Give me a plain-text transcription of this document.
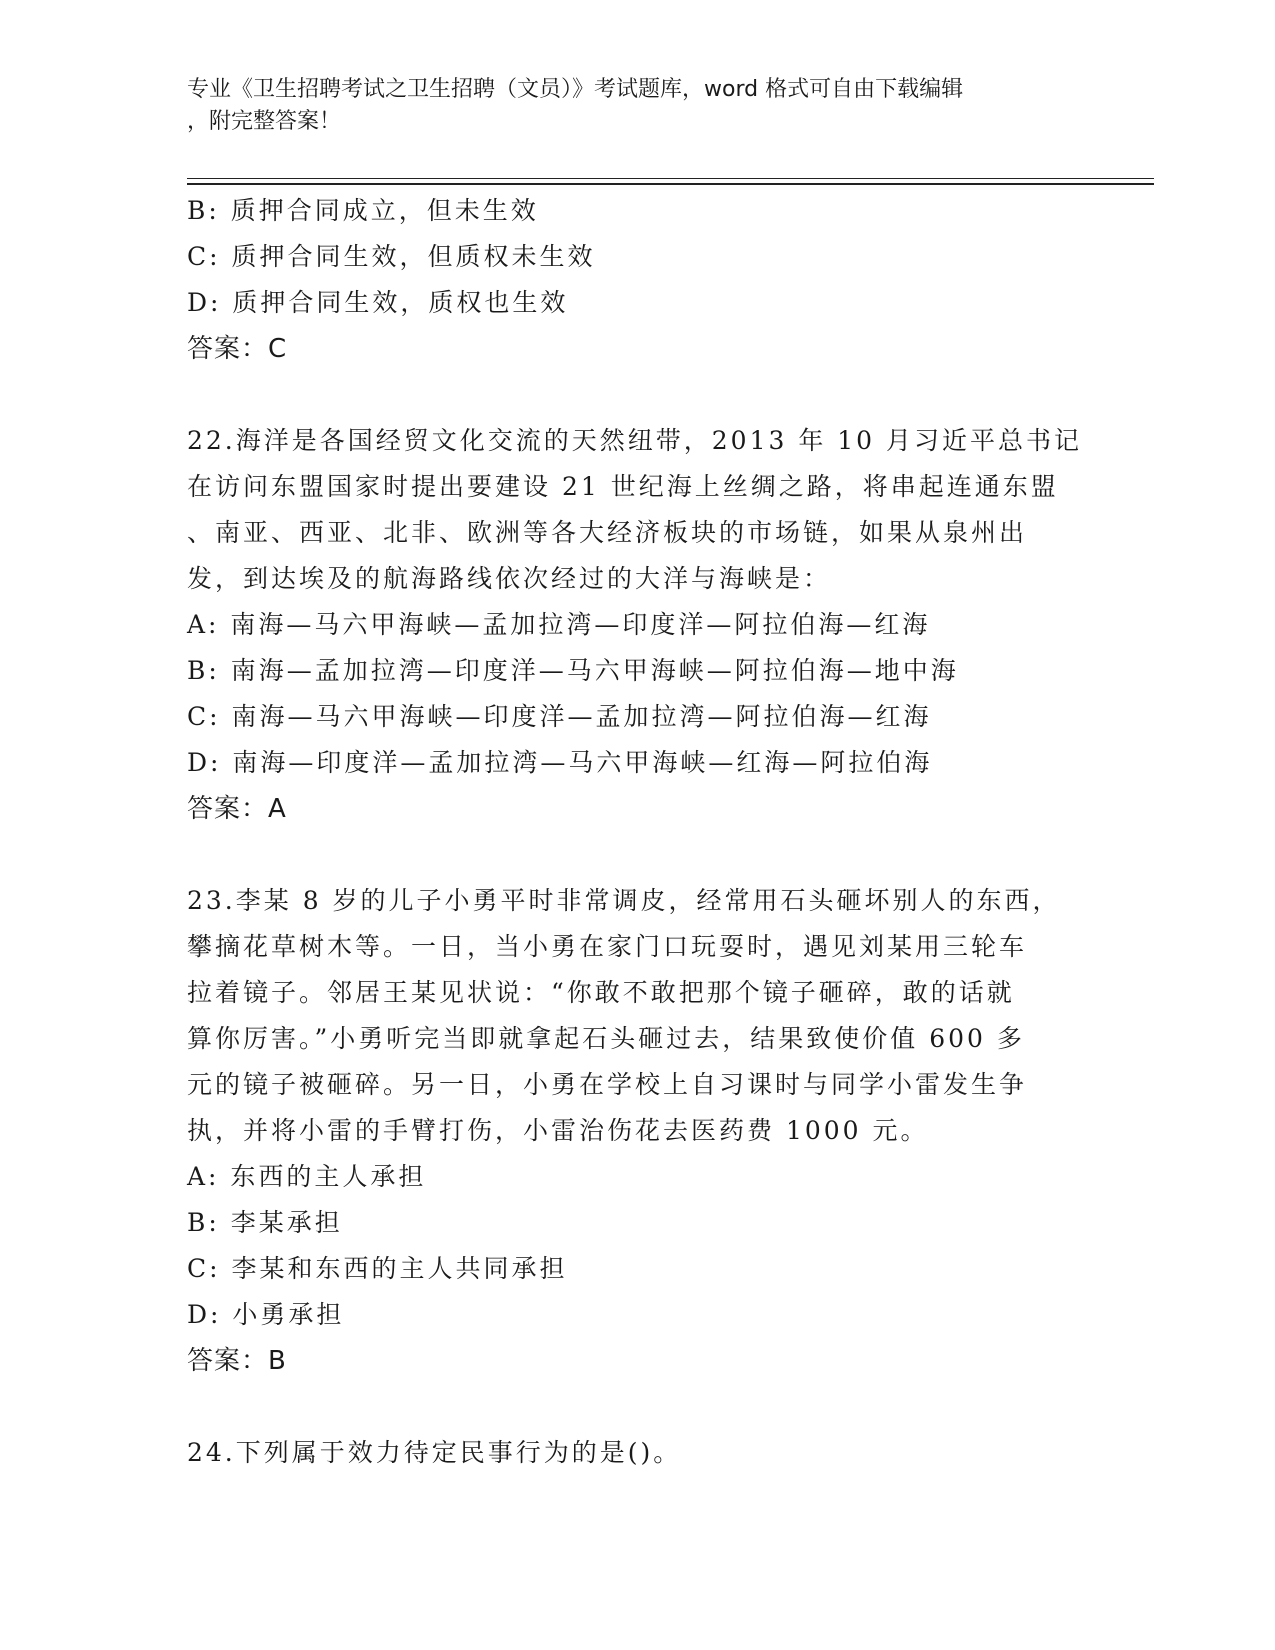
专业《卫生招聘考试之卫生招聘（文员）》考试题库，word 格式可自由下载编辑
，附完整答案！
B: 质押合同成立，但未生效
C: 质押合同生效，但质权未生效
D: 质押合同生效，质权也生效
答案：C
22.海洋是各国经贸文化交流的天然纽带，2013 年 10 月习近平总书记
在访问东盟国家时提出要建设 21 世纪海上丝绸之路，将串起连通东盟
、南亚、西亚、北非、欧洲等各大经济板块的市场链，如果从泉州出
发，到达埃及的航海路线依次经过的大洋与海峡是：
A: 南海—马六甲海峡—孟加拉湾—印度洋—阿拉伯海—红海
B: 南海—孟加拉湾—印度洋—马六甲海峡—阿拉伯海—地中海
C: 南海—马六甲海峡—印度洋—孟加拉湾—阿拉伯海—红海
D: 南海—印度洋—孟加拉湾—马六甲海峡—红海—阿拉伯海
答案：A
23.李某 8 岁的儿子小勇平时非常调皮，经常用石头砸坏别人的东西，
攀摘花草树木等。一日，当小勇在家门口玩耍时，遇见刘某用三轮车
拉着镜子。邻居王某见状说：“你敢不敢把那个镜子砸碎，敢的话就
算你厉害。”小勇听完当即就拿起石头砸过去，结果致使价值 600 多
元的镜子被砸碎。另一日，小勇在学校上自习课时与同学小雷发生争
执，并将小雷的手臂打伤，小雷治伤花去医药费 1000 元。
A: 东西的主人承担
B: 李某承担
C: 李某和东西的主人共同承担
D: 小勇承担
答案：B
24.下列属于效力待定民事行为的是()。
